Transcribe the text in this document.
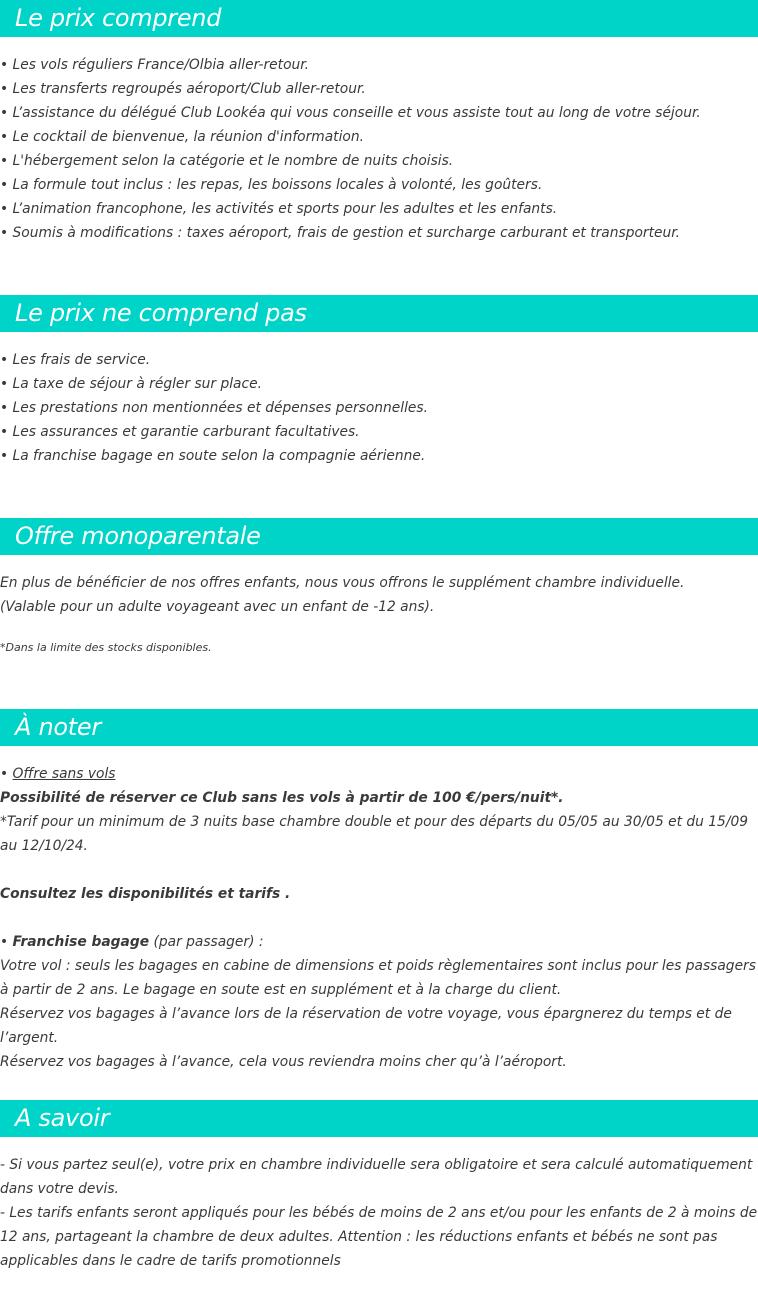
Le prix comprend

• Les vols réguliers France/Olbia aller-retour.

• Les transferts regroupés aéroport/Club aller-retour.

• L’assistance du délégué Club Lookéa qui vous conseille et vous assiste tout au long de votre séjour.

• Le cocktail de bienvenue, la réunion d'information.

• L'hébergement selon la catégorie et le nombre de nuits choisis.

• La formule tout inclus : les repas, les boissons locales à volonté, les goûters.

• L’animation francophone, les activités et sports pour les adultes et les enfants.

• Soumis à modifications : taxes aéroport, frais de gestion et surcharge carburant et transporteur.

Le prix ne comprend pas

• Les frais de service.

• La taxe de séjour à régler sur place.

• Les prestations non mentionnées et dépenses personnelles.

• Les assurances et garantie carburant facultatives.

• La franchise bagage en soute selon la compagnie aérienne.

Offre monoparentale

En plus de bénéficier de nos offres enfants, nous vous offrons le supplément chambre individuelle.

(Valable pour un adulte voyageant avec un enfant de -12 ans).

*Dans la limite des stocks disponibles.

À noter

• Offre sans vols

Possibilité de réserver ce Club sans les vols à partir de 100 €/pers/nuit*.

*Tarif pour un minimum de 3 nuits base chambre double et pour des départs du 05/05 au 30/05 et du 15/09 au 12/10/24.

Consultez les disponibilités et tarifs .

• Franchise bagage (par passager) :

Votre vol : seuls les bagages en cabine de dimensions et poids règlementaires sont inclus pour les passagers à partir de 2 ans. Le bagage en soute est en supplément et à la charge du client.

Réservez vos bagages à l’avance lors de la réservation de votre voyage, vous épargnerez du temps et de l’argent.

Réservez vos bagages à l’avance, cela vous reviendra moins cher qu’à l’aéroport.

A savoir

- Si vous partez seul(e), votre prix en chambre individuelle sera obligatoire et sera calculé automatiquement dans votre devis.

- Les tarifs enfants seront appliqués pour les bébés de moins de 2 ans et/ou pour les enfants de 2 à moins de 12 ans, partageant la chambre de deux adultes. Attention : les réductions enfants et bébés ne sont pas applicables dans le cadre de tarifs promotionnels
